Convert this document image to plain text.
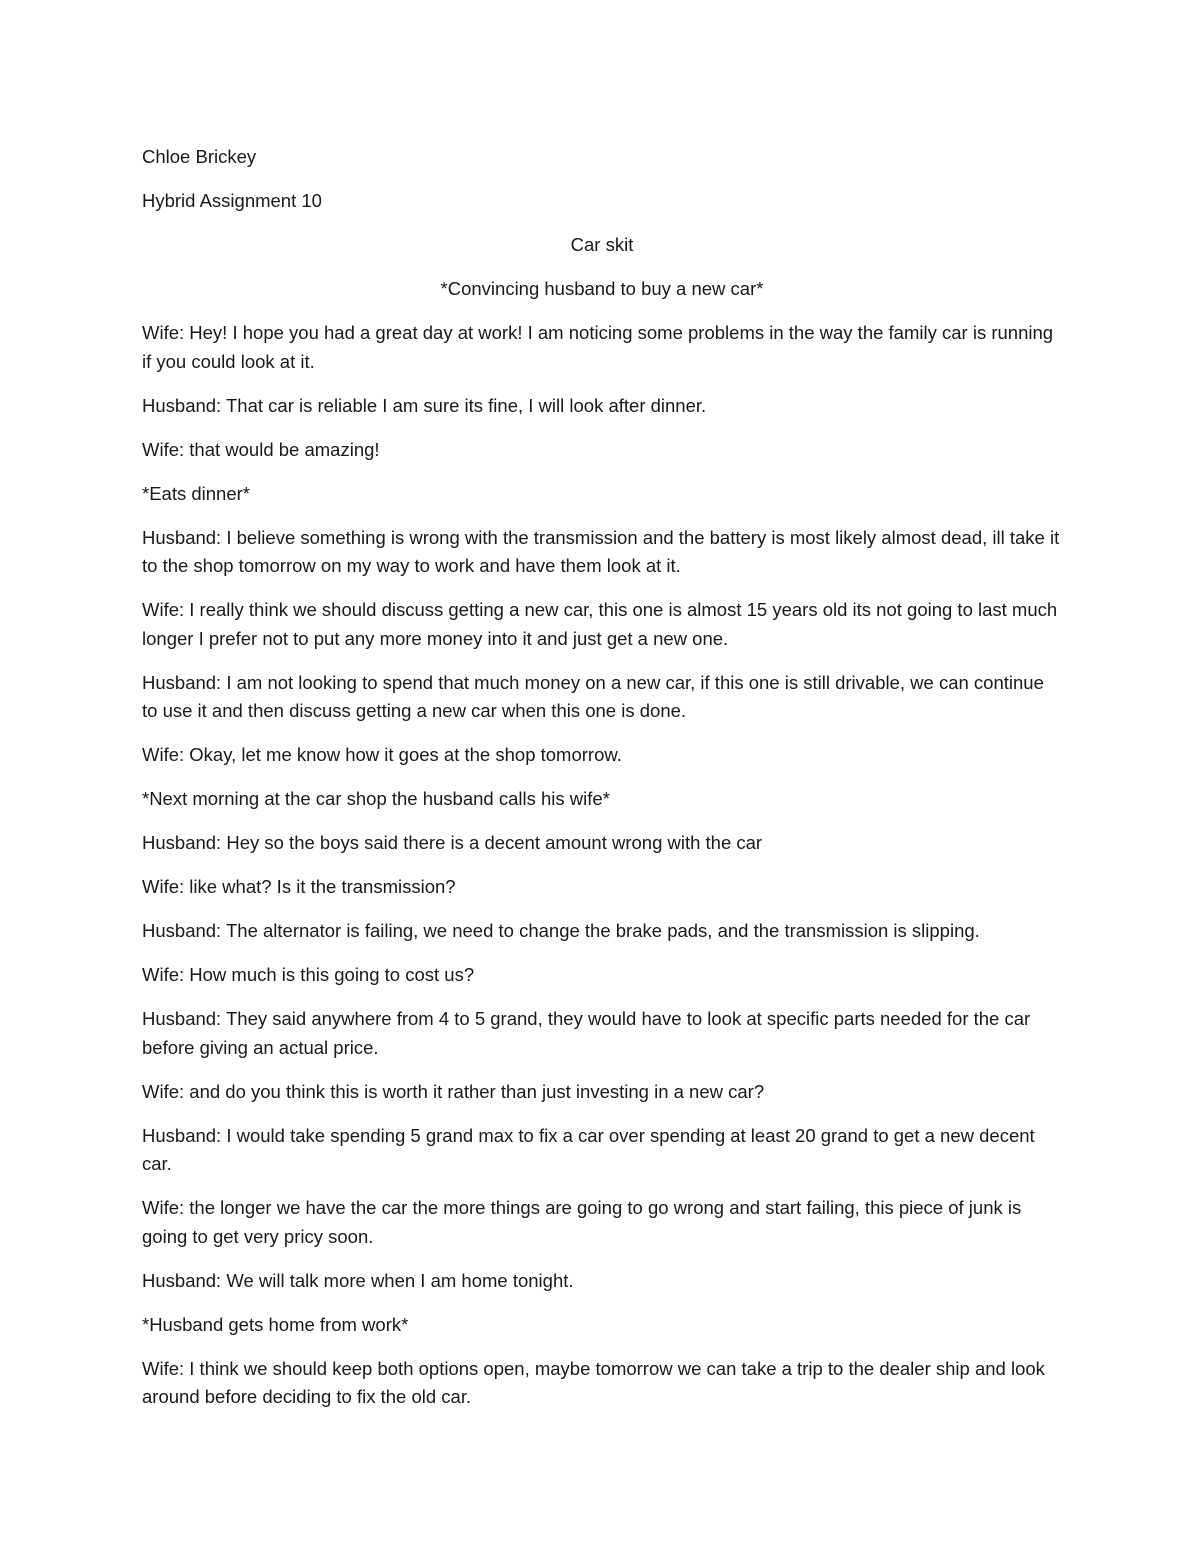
Chloe Brickey

Hybrid Assignment 10

Car skit

*Convincing husband to buy a new car*

Wife: Hey! I hope you had a great day at work! I am noticing some problems in the way the family car is running if you could look at it.

Husband: That car is reliable I am sure its fine, I will look after dinner.

Wife: that would be amazing!

*Eats dinner*

Husband: I believe something is wrong with the transmission and the battery is most likely almost dead, ill take it to the shop tomorrow on my way to work and have them look at it.

Wife: I really think we should discuss getting a new car, this one is almost 15 years old its not going to last much longer I prefer not to put any more money into it and just get a new one.

Husband: I am not looking to spend that much money on a new car, if this one is still drivable, we can continue to use it and then discuss getting a new car when this one is done.

Wife: Okay, let me know how it goes at the shop tomorrow.

*Next morning at the car shop the husband calls his wife*

Husband: Hey so the boys said there is a decent amount wrong with the car

Wife: like what? Is it the transmission?

Husband: The alternator is failing, we need to change the brake pads, and the transmission is slipping.

Wife: How much is this going to cost us?

Husband: They said anywhere from 4 to 5 grand, they would have to look at specific parts needed for the car before giving an actual price.

Wife: and do you think this is worth it rather than just investing in a new car?

Husband: I would take spending 5 grand max to fix a car over spending at least 20 grand to get a new decent car.

Wife: the longer we have the car the more things are going to go wrong and start failing, this piece of junk is going to get very pricy soon.

Husband: We will talk more when I am home tonight.

*Husband gets home from work*

Wife: I think we should keep both options open, maybe tomorrow we can take a trip to the dealer ship and look around before deciding to fix the old car.
